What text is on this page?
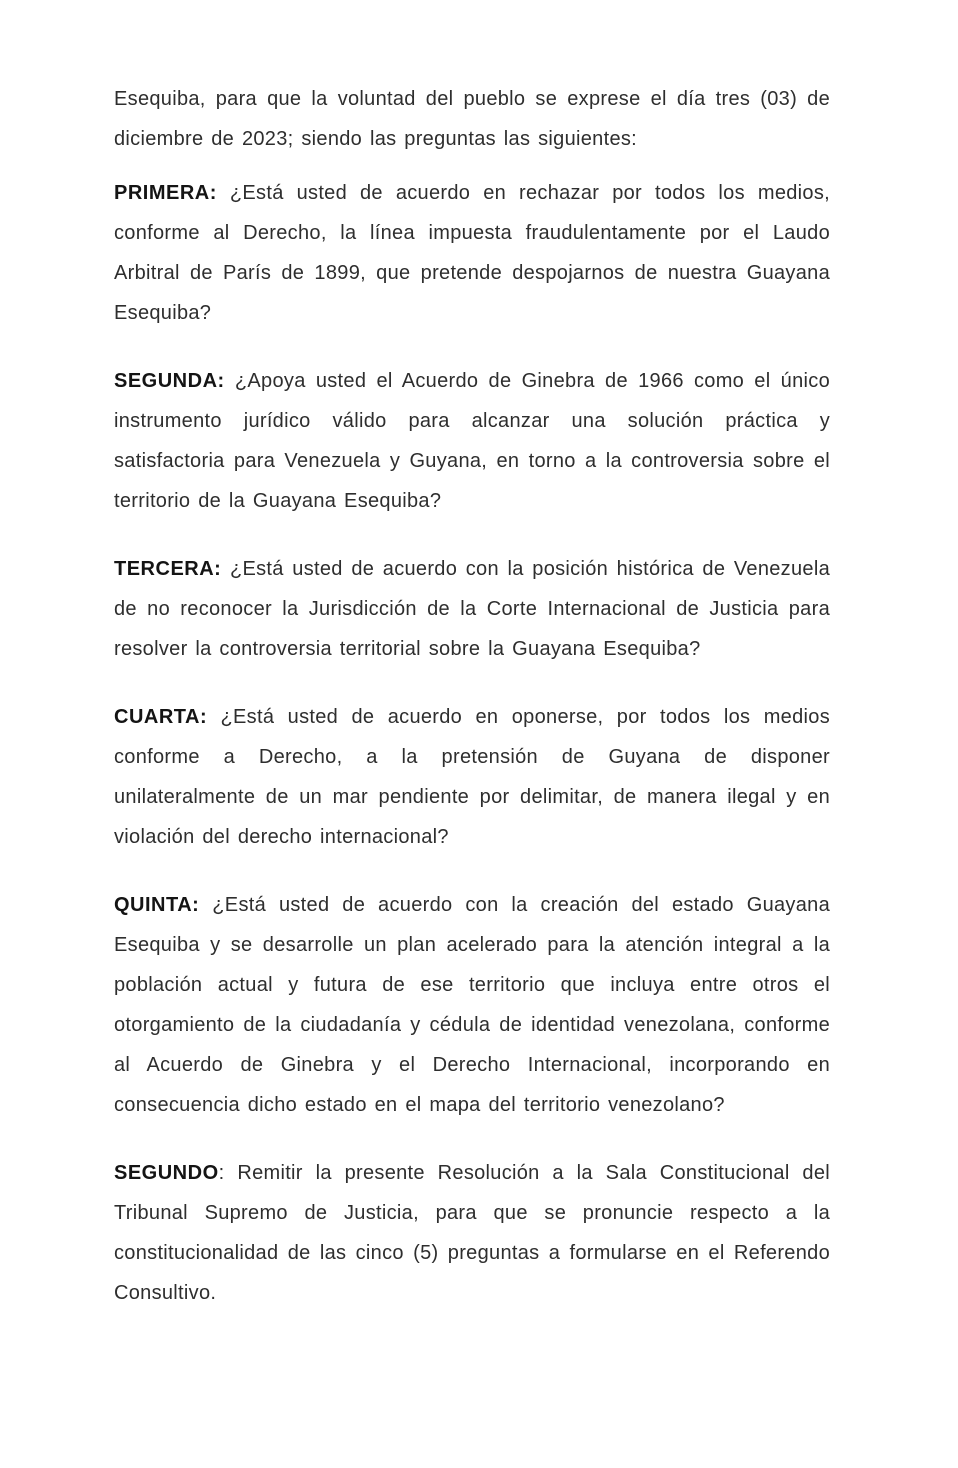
Esequiba, para que la voluntad del pueblo se exprese el día tres (03) de diciembre de 2023; siendo las preguntas las siguientes:

PRIMERA: ¿Está usted de acuerdo en rechazar por todos los medios, conforme al Derecho, la línea impuesta fraudulentamente por el Laudo Arbitral de París de 1899, que pretende despojarnos de nuestra Guayana Esequiba?

SEGUNDA: ¿Apoya usted el Acuerdo de Ginebra de 1966 como el único instrumento jurídico válido para alcanzar una solución práctica y satisfactoria para Venezuela y Guyana, en torno a la controversia sobre el territorio de la Guayana Esequiba?

TERCERA: ¿Está usted de acuerdo con la posición histórica de Venezuela de no reconocer la Jurisdicción de la Corte Internacional de Justicia para resolver la controversia territorial sobre la Guayana Esequiba?

CUARTA: ¿Está usted de acuerdo en oponerse, por todos los medios conforme a Derecho, a la pretensión de Guyana de disponer unilateralmente de un mar pendiente por delimitar, de manera ilegal y en violación del derecho internacional?

QUINTA: ¿Está usted de acuerdo con la creación del estado Guayana Esequiba y se desarrolle un plan acelerado para la atención integral a la población actual y futura de ese territorio que incluya entre otros el otorgamiento de la ciudadanía y cédula de identidad venezolana, conforme al Acuerdo de Ginebra y el Derecho Internacional, incorporando en consecuencia dicho estado en el mapa del territorio venezolano?

SEGUNDO: Remitir la presente Resolución a la Sala Constitucional del Tribunal Supremo de Justicia, para que se pronuncie respecto a la constitucionalidad de las cinco (5) preguntas a formularse en el Referendo Consultivo.
